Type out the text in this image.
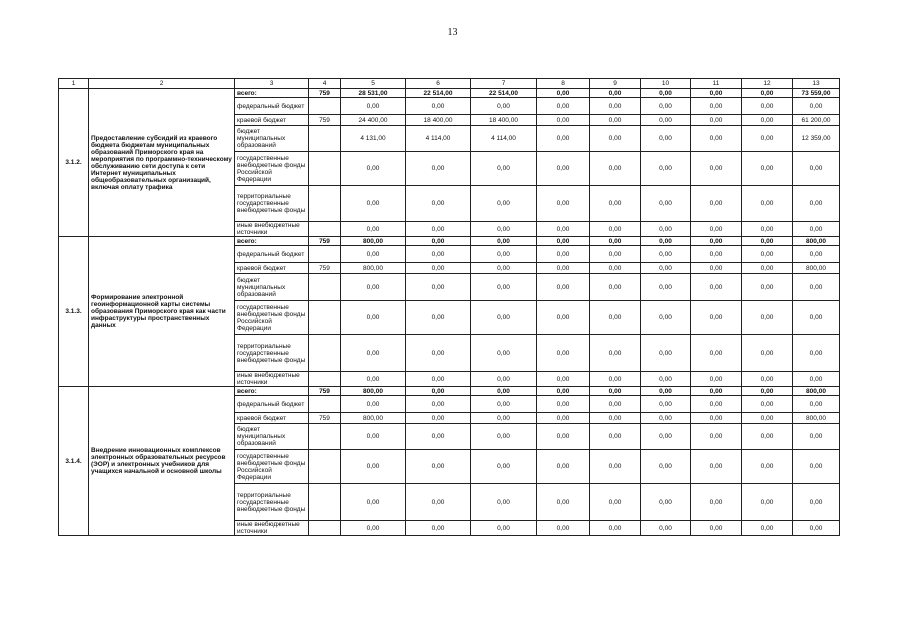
13
1	2	3	4	5	6	7	8	9	10	11	12	13
3.1.2.	Предоставление субсидий из краевого бюджета бюджетам муниципальных образований Приморского края на мероприятия по программно-техническому обслуживанию сети доступа к сети Интернет муниципальных общеобразовательных организаций, включая оплату трафика	всего:	759	28 531,00	22 514,00	22 514,00	0,00	0,00	0,00	0,00	0,00	73 559,00
		федеральный бюджет		0,00	0,00	0,00	0,00	0,00	0,00	0,00	0,00	0,00
		краевой бюджет	759	24 400,00	18 400,00	18 400,00	0,00	0,00	0,00	0,00	0,00	61 200,00
		бюджет муниципальных образований		4 131,00	4 114,00	4 114,00	0,00	0,00	0,00	0,00	0,00	12 359,00
		государственные внебюджетные фонды Российской Федерации		0,00	0,00	0,00	0,00	0,00	0,00	0,00	0,00	0,00
		территориальные государственные внебюджетные фонды		0,00	0,00	0,00	0,00	0,00	0,00	0,00	0,00	0,00
		иные внебюджетные источники		0,00	0,00	0,00	0,00	0,00	0,00	0,00	0,00	0,00
3.1.3.	Формирование электронной геоинформационной карты системы образования Приморского края как части инфраструктуры пространственных данных	всего:	759	800,00	0,00	0,00	0,00	0,00	0,00	0,00	0,00	800,00
		федеральный бюджет		0,00	0,00	0,00	0,00	0,00	0,00	0,00	0,00	0,00
		краевой бюджет	759	800,00	0,00	0,00	0,00	0,00	0,00	0,00	0,00	800,00
		бюджет муниципальных образований		0,00	0,00	0,00	0,00	0,00	0,00	0,00	0,00	0,00
		государственные внебюджетные фонды Российской Федерации		0,00	0,00	0,00	0,00	0,00	0,00	0,00	0,00	0,00
		территориальные государственные внебюджетные фонды		0,00	0,00	0,00	0,00	0,00	0,00	0,00	0,00	0,00
		иные внебюджетные источники		0,00	0,00	0,00	0,00	0,00	0,00	0,00	0,00	0,00
3.1.4.	Внедрение инновационных комплексов электронных образовательных ресурсов (ЭОР) и электронных учебников для учащихся начальной и основной школы	всего:	759	800,00	0,00	0,00	0,00	0,00	0,00	0,00	0,00	800,00
		федеральный бюджет		0,00	0,00	0,00	0,00	0,00	0,00	0,00	0,00	0,00
		краевой бюджет	759	800,00	0,00	0,00	0,00	0,00	0,00	0,00	0,00	800,00
		бюджет муниципальных образований		0,00	0,00	0,00	0,00	0,00	0,00	0,00	0,00	0,00
		государственные внебюджетные фонды Российской Федерации		0,00	0,00	0,00	0,00	0,00	0,00	0,00	0,00	0,00
		территориальные государственные внебюджетные фонды		0,00	0,00	0,00	0,00	0,00	0,00	0,00	0,00	0,00
		иные внебюджетные источники		0,00	0,00	0,00	0,00	0,00	0,00	0,00	0,00	0,00
